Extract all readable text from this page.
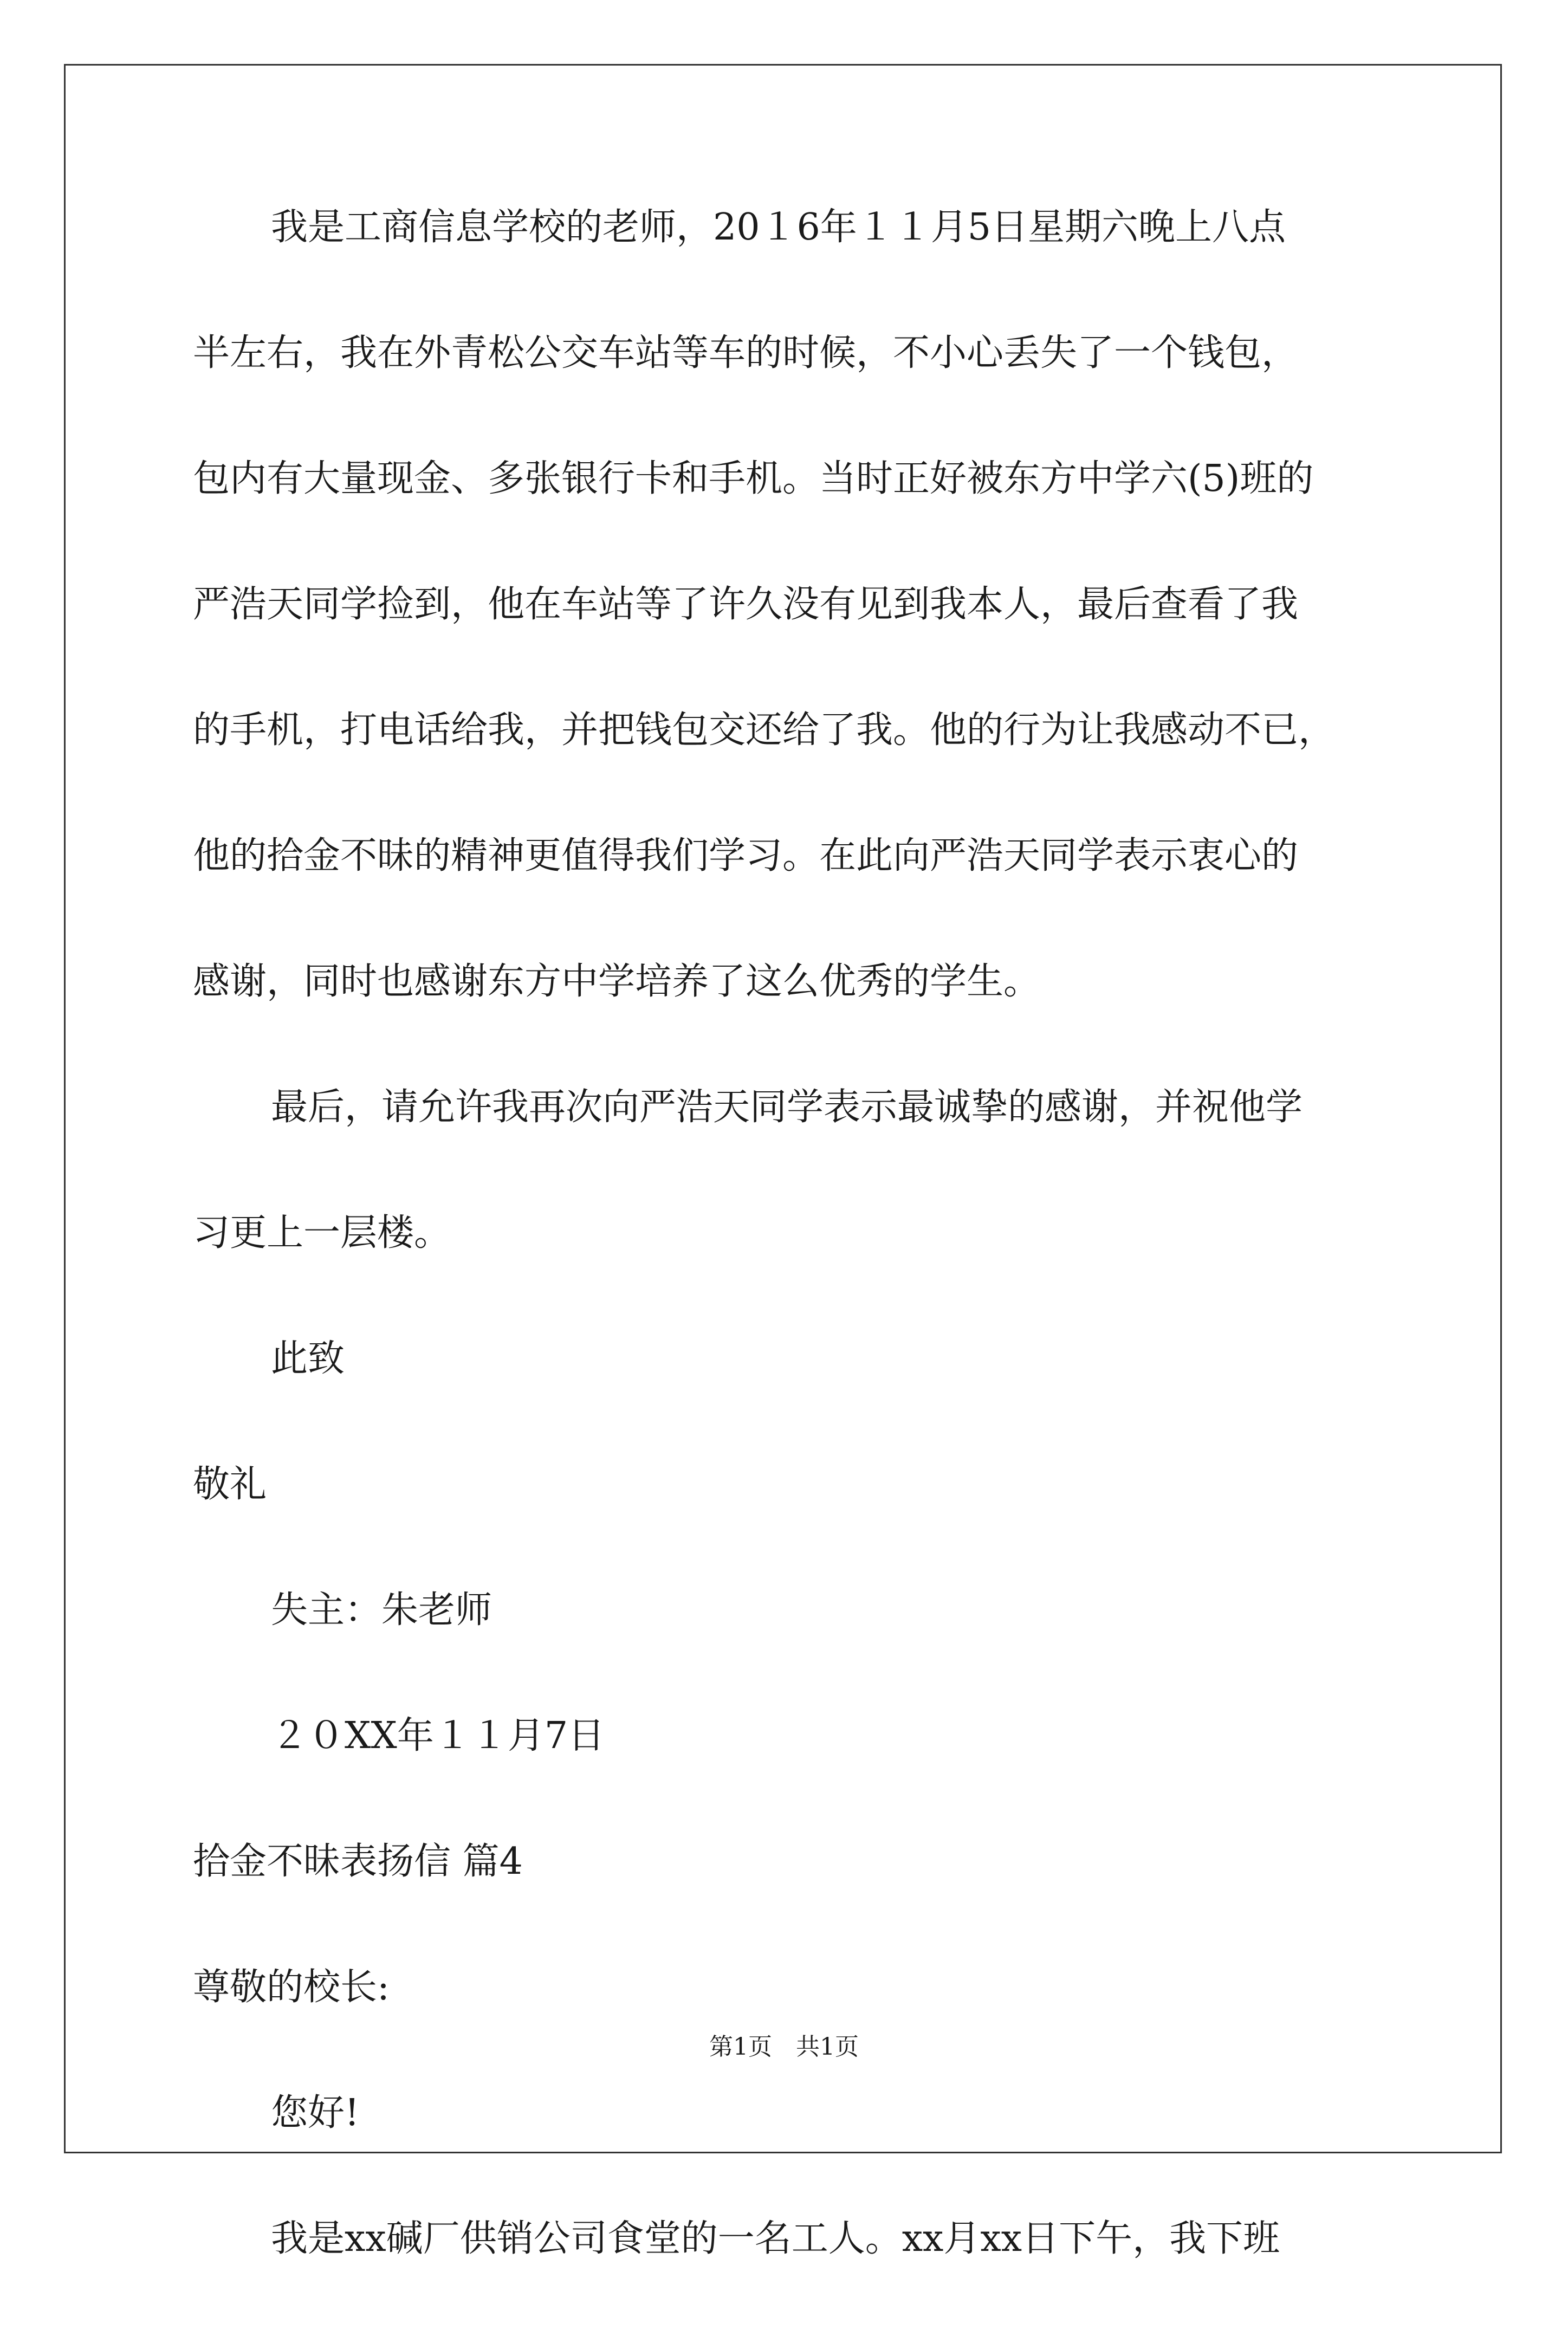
我是工商信息学校的老师，20１6年１１月5日星期六晚上八点
半左右，我在外青松公交车站等车的时候，不小心丢失了一个钱包，
包内有大量现金、多张银行卡和手机。当时正好被东方中学六(5)班的
严浩天同学捡到，他在车站等了许久没有见到我本人，最后查看了我
的手机，打电话给我，并把钱包交还给了我。他的行为让我感动不已，
他的拾金不昧的精神更值得我们学习。在此向严浩天同学表示衷心的
感谢，同时也感谢东方中学培养了这么优秀的学生。
最后，请允许我再次向严浩天同学表示最诚挚的感谢，并祝他学
习更上一层楼。
此致
敬礼
失主：朱老师
２０XX年１１月7日
拾金不昧表扬信 篇4
尊敬的校长:
您好!
我是xx碱厂供销公司食堂的一名工人。xx月xx日下午，我下班
第1页　共1页
